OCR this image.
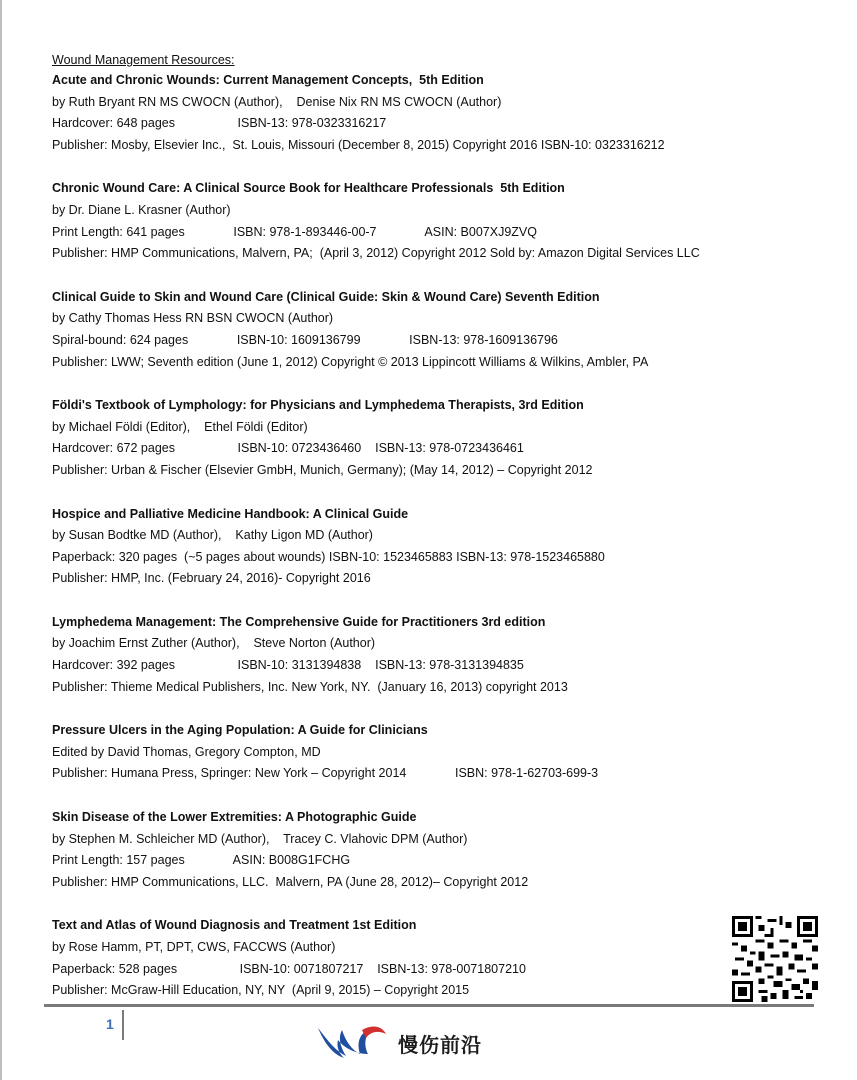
Wound Management Resources:
Acute and Chronic Wounds: Current Management Concepts,  5th Edition
by Ruth Bryant RN MS CWOCN (Author),    Denise Nix RN MS CWOCN (Author)
Hardcover: 648 pages                  ISBN-13: 978-0323316217
Publisher: Mosby, Elsevier Inc.,  St. Louis, Missouri (December 8, 2015) Copyright 2016 ISBN-10: 0323316212
Chronic Wound Care: A Clinical Source Book for Healthcare Professionals  5th Edition
by Dr. Diane L. Krasner (Author)
Print Length: 641 pages              ISBN: 978-1-893446-00-7              ASIN: B007XJ9ZVQ
Publisher: HMP Communications, Malvern, PA;  (April 3, 2012) Copyright 2012 Sold by: Amazon Digital Services LLC
Clinical Guide to Skin and Wound Care (Clinical Guide: Skin & Wound Care) Seventh Edition
by Cathy Thomas Hess RN BSN CWOCN (Author)
Spiral-bound: 624 pages              ISBN-10: 1609136799              ISBN-13: 978-1609136796
Publisher: LWW; Seventh edition (June 1, 2012) Copyright © 2013 Lippincott Williams & Wilkins, Ambler, PA
Földi's Textbook of Lymphology: for Physicians and Lymphedema Therapists, 3rd Edition
by Michael Földi (Editor),    Ethel Földi (Editor)
Hardcover: 672 pages                  ISBN-10: 0723436460    ISBN-13: 978-0723436461
Publisher: Urban & Fischer (Elsevier GmbH, Munich, Germany); (May 14, 2012) – Copyright 2012
Hospice and Palliative Medicine Handbook: A Clinical Guide
by Susan Bodtke MD (Author),    Kathy Ligon MD (Author)
Paperback: 320 pages  (~5 pages about wounds) ISBN-10: 1523465883 ISBN-13: 978-1523465880
Publisher: HMP, Inc. (February 24, 2016)- Copyright 2016
Lymphedema Management: The Comprehensive Guide for Practitioners 3rd edition
by Joachim Ernst Zuther (Author),    Steve Norton (Author)
Hardcover: 392 pages                  ISBN-10: 3131394838    ISBN-13: 978-3131394835
Publisher: Thieme Medical Publishers, Inc. New York, NY.  (January 16, 2013) copyright 2013
Pressure Ulcers in the Aging Population: A Guide for Clinicians
Edited by David Thomas, Gregory Compton, MD
Publisher: Humana Press, Springer: New York – Copyright 2014              ISBN: 978-1-62703-699-3
Skin Disease of the Lower Extremities: A Photographic Guide
by Stephen M. Schleicher MD (Author),    Tracey C. Vlahovic DPM (Author)
Print Length: 157 pages              ASIN: B008G1FCHG
Publisher: HMP Communications, LLC.  Malvern, PA (June 28, 2012)– Copyright 2012
Text and Atlas of Wound Diagnosis and Treatment 1st Edition
by Rose Hamm, PT, DPT, CWS, FACCWS (Author)
Paperback: 528 pages                  ISBN-10: 0071807217    ISBN-13: 978-0071807210
Publisher: McGraw-Hill Education, NY, NY  (April 9, 2015) – Copyright 2015
1
慢伤前沿
